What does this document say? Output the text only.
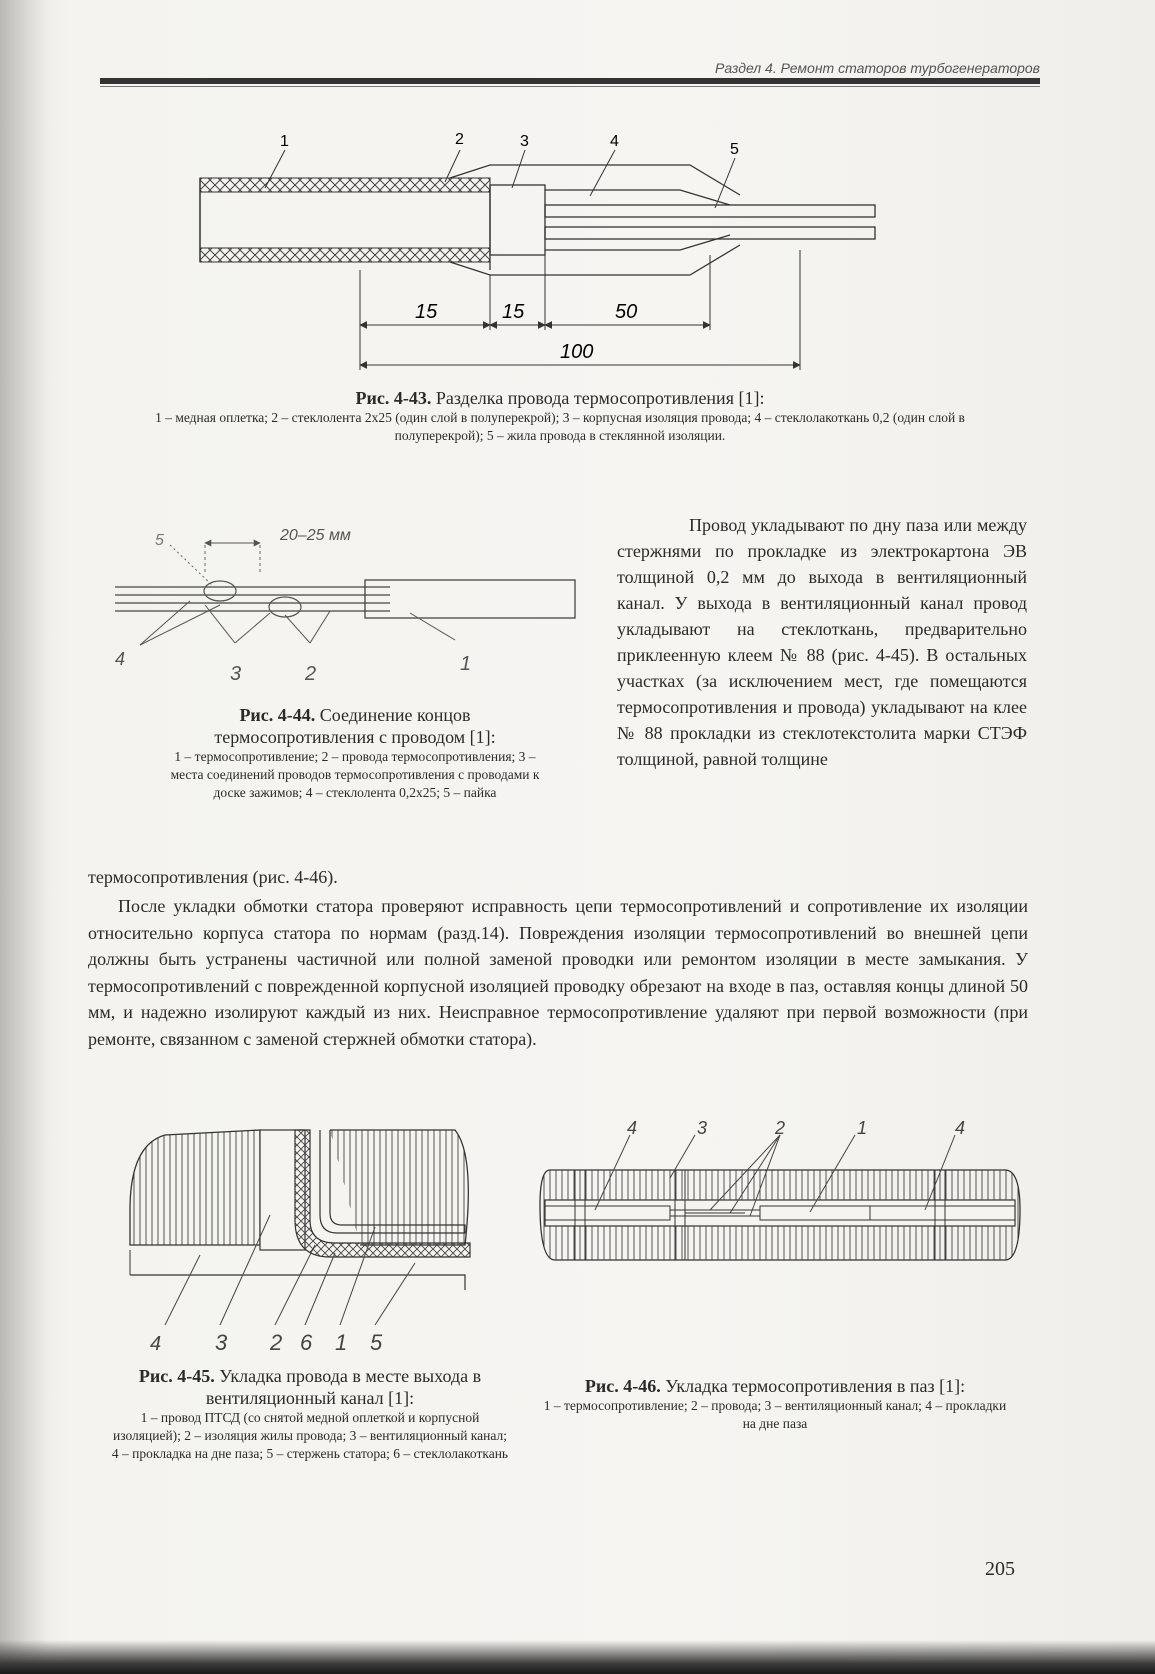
Раздел 4. Ремонт статоров турбогенераторов
1	2	3	4	5
15	15	50
100
Рис. 4-43. Разделка провода термосопротивления [1]:
1 – медная оплетка; 2 – стеклолента 2х25 (один слой в полуперекрой); 3 – корпусная изоляция провода; 4 – стеклолакоткань 0,2 (один слой в полуперекрой); 5 – жила провода в стеклянной изоляции.
20–25 мм
5
4
3	2	1
Рис. 4-44. Соединение концов термосопротивления с проводом [1]:
1 – термосопротивление; 2 – провода термосопротивления; 3 – места соединений проводов термосопротивления с проводами к доске зажимов; 4 – стеклолента 0,2х25; 5 – пайка
Провод укладывают по дну паза или между стержнями по прокладке из электрокартона ЭВ толщиной 0,2 мм до выхода в вентиляционный канал. У выхода в вентиляционный канал провод укладывают на стеклоткань, предварительно приклеенную клеем № 88 (рис. 4-45). В остальных участках (за исключением мест, где помещаются термосопротивления и провода) укладывают на клее № 88 прокладки из стеклотекстолита марки СТЭФ толщиной, равной толщине
термосопротивления (рис. 4-46).
После укладки обмотки статора проверяют исправность цепи термосопротивлений и сопротивление их изоляции относительно корпуса статора по нормам (разд.14). Повреждения изоляции термосопротивлений во внешней цепи должны быть устранены частичной или полной заменой проводки или ремонтом изоляции в месте замыкания. У термосопротивлений с поврежденной корпусной изоляцией проводку обрезают на входе в паз, оставляя концы длиной 50 мм, и надежно изолируют каждый из них. Неисправное термосопротивление удаляют при первой возможности (при ремонте, связанном с заменой стержней обмотки статора).
4 3 2 6 1 5
Рис. 4-45. Укладка провода в месте выхода в вентиляционный канал [1]:
1 – провод ПТСД (со снятой медной оплеткой и корпусной изоляцией); 2 – изоляция жилы провода; 3 – вентиляционный канал; 4 – прокладка на дне паза; 5 – стержень статора; 6 – стеклолакоткань
4	3	2	1	4
Рис. 4-46. Укладка термосопротивления в паз [1]:
1 – термосопротивление; 2 – провода; 3 – вентиляционный канал; 4 – прокладки на дне паза
205
